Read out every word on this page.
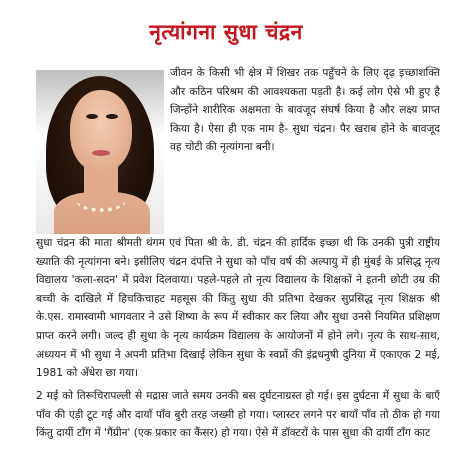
नृत्यांगना सुधा चंद्रन

जीवन के किसी भी क्षेत्र में शिखर तक पहुँचने के लिए दृढ़ इच्छाशक्ति और कठिन परिश्रम की आवश्यकता पड़ती है। कई लोग ऐसे भी हुए है जिन्होंने शारीरिक अक्षमता के बावजूद संघर्ष किया है और लक्ष्य प्राप्त किया है। ऐसा ही एक नाम है- सुधा चंद्रन। पैर खराब होने के बावजूद वह चोटी की नृत्यांगना बनी।

सुधा चंद्रन की माता श्रीमती थंगम एवं पिता श्री के. डी. चंद्रन की हार्दिक इच्छा थी कि उनकी पुत्री राष्ट्रीय ख्याति की नृत्यांगना बने। इसीलिए चंद्रन दंपत्ति ने सुधा को पाँच वर्ष की अल्पायु में ही मुंबई के प्रसिद्ध नृत्य विद्यालय 'कला-सदन' में प्रवेश दिलवाया। पहले-पहले तो नृत्य विद्यालय के शिक्षकों ने इतनी छोटी उम्र की बच्ची के दाखिले में हिचकिचाहट महसूस की किंतु सुधा की प्रतिभा देखकर सुप्रसिद्ध नृत्य शिक्षक श्री के.एस. रामास्वामी भागवतार ने उसे शिष्या के रूप में स्वीकार कर लिया और सुधा उनसे नियमित प्रशिक्षण प्राप्त करने लगी। जल्द ही सुधा के नृत्य कार्यक्रम विद्यालय के आयोजनों में होने लगे। नृत्य के साथ-साथ, अध्ययन में भी सुधा ने अपनी प्रतिभा दिखाई लेकिन सुधा के स्वप्नों की इंद्रधनुषी दुनिया में एकाएक 2 मई, 1981 को अँधेरा छा गया।

2 मई को तिरूचिरापल्ली से मद्रास जाते समय उनकी बस दुर्घटनाग्रस्त हो गई। इस दुर्घटना में सुधा के बाएँ पाँव की एड़ी टूट गई और दायाँ पाँव बुरी तरह जख्मी हो गया। प्लास्टर लगने पर बायाँ पाँव तो ठीक हो गया किंतु दायीं टाँग में 'गैंग्रीन' (एक प्रकार का कैंसर) हो गया। ऐसे में डॉक्टरों के पास सुधा की दायीं टाँग काट
